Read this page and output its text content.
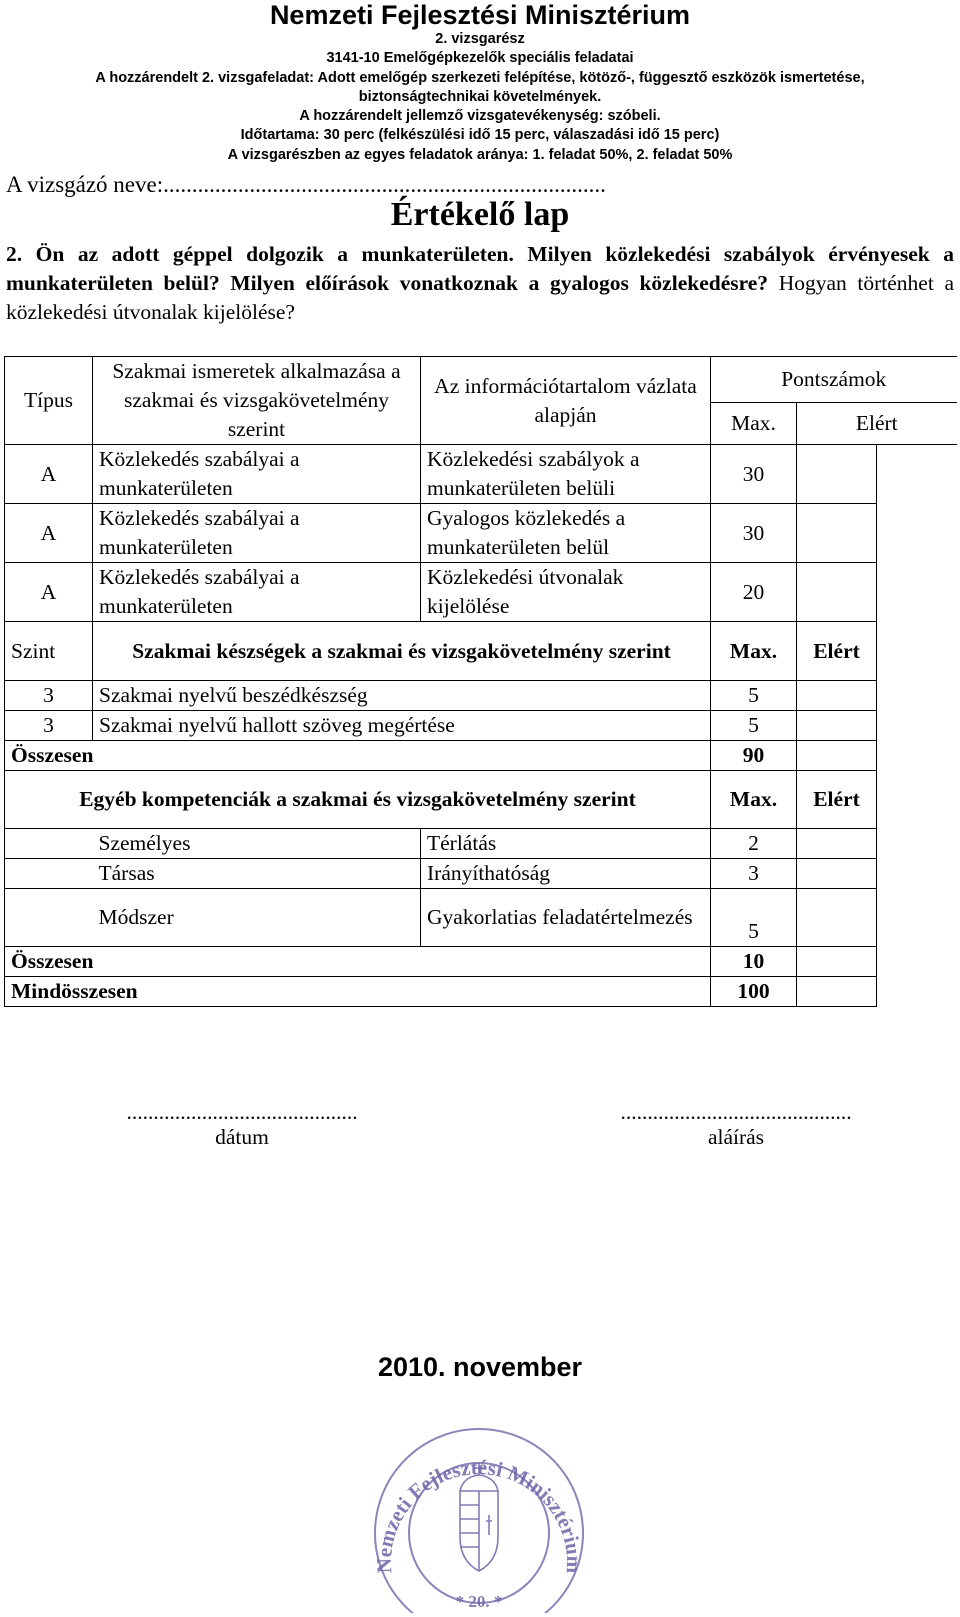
Nemzeti Fejlesztési Minisztérium
2. vizsgarész
3141-10 Emelőgépkezelők speciális feladatai
A hozzárendelt 2. vizsgafeladat: Adott emelőgép szerkezeti felépítése, kötöző-, függesztő eszközök ismertetése,
biztonságtechnikai követelmények.
A hozzárendelt jellemző vizsgatevékenység: szóbeli.
Időtartama: 30 perc (felkészülési idő 15 perc, válaszadási idő 15 perc)
A vizsgarészben az egyes feladatok aránya: 1. feladat 50%, 2. feladat 50%
A vizsgázó neve:.............................................................................
Értékelő lap
2. Ön az adott géppel dolgozik a munkaterületen. Milyen közlekedési szabályok érvényesek a munkaterületen belül? Milyen előírások vonatkoznak a gyalogos közlekedésre? Hogyan történhet a közlekedési útvonalak kijelölése?
Típus	Szakmai ismeretek alkalmazása a szakmai és vizsgakövetelmény szerint	Az információtartalom vázlata alapján	Pontszámok		
			Max.	Elért	
A	Közlekedés szabályai a munkaterületen	Közlekedési szabályok a munkaterületen belüli	30		
A	Közlekedés szabályai a munkaterületen	Gyalogos közlekedés a munkaterületen belül	30		
A	Közlekedés szabályai a munkaterületen	Közlekedési útvonalak kijelölése	20		
Szint	Szakmai készségek a szakmai és vizsgakövetelmény szerint		Max.	Elért	
3	Szakmai nyelvű beszédkészség		5		
3	Szakmai nyelvű hallott szöveg megértése		5		
Összesen			90		
Egyéb kompetenciák a szakmai és vizsgakövetelmény szerint			Max.	Elért	
	Személyes	Térlátás	2		
	Társas	Irányíthatóság	3		
	Módszer	Gyakorlatias feladatértelmezés	5		
Összesen			10		
Mindösszesen			100		
...........................................
dátum
...........................................
aláírás
2010. november
Nemzeti Fejlesztési Minisztérium
* 20. *
